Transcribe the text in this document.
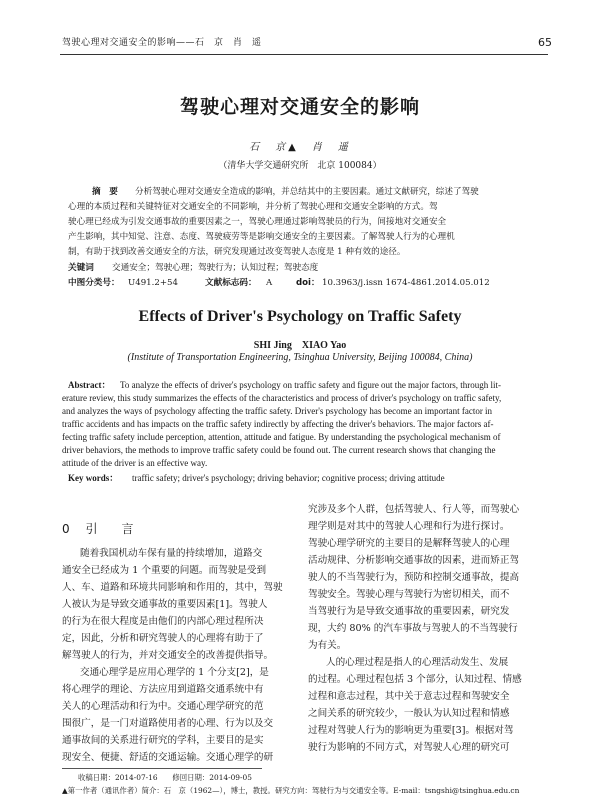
驾驶心理对交通安全的影响——石　京　肖　遥	65
驾驶心理对交通安全的影响
石　京▲　肖　遥
（清华大学交通研究所　北京 100084）
摘　要 分析驾驶心理对交通安全造成的影响，并总结其中的主要因素。通过文献研究，综述了驾驶
心理的本质过程和关键特征对交通安全的不同影响，并分析了驾驶心理和交通安全影响的方式。驾
驶心理已经成为引发交通事故的重要因素之一，驾驶心理通过影响驾驶员的行为，间接地对交通安全
产生影响，其中知觉、注意、态度、驾驶疲劳等是影响交通安全的主要因素。了解驾驶人行为的心理机
制，有助于找到改善交通安全的方法，研究发现通过改变驾驶人态度是 1 种有效的途径。
关键词 交通安全；驾驶心理；驾驶行为；认知过程；驾驶态度
中图分类号： U491.2+54	文献标志码： A	doi： 10.3963/j.issn 1674-4861.2014.05.012
Effects of Driver's Psychology on Traffic Safety
SHI Jing　XIAO Yao
(Institute of Transportation Engineering, Tsinghua University, Beijing 100084, China)
Abstract： To analyze the effects of driver's psychology on traffic safety and figure out the major factors, through lit-
erature review, this study summarizes the effects of the characteristics and process of driver's psychology on traffic safety,
and analyzes the ways of psychology affecting the traffic safety. Driver's psychology has become an important factor in
traffic accidents and has impacts on the traffic safety indirectly by affecting the driver's behaviors. The major factors af-
fecting traffic safety include perception, attention, attitude and fatigue. By understanding the psychological mechanism of
driver behaviors, the methods to improve traffic safety could be found out. The current research shows that changing the
attitude of the driver is an effective way.
Key words： traffic safety; driver's psychology; driving behavior; cognitive process; driving attitude
0 引　言
随着我国机动车保有量的持续增加，道路交
通安全已经成为 1 个重要的问题。而驾驶是受到
人、车、道路和环境共同影响和作用的，其中，驾驶
人被认为是导致交通事故的重要因素[1]。驾驶人
的行为在很大程度是由他们的内部心理过程所决
定，因此，分析和研究驾驶人的心理将有助于了
解驾驶人的行为，并对交通安全的改善提供指导。
交通心理学是应用心理学的 1 个分支[2]，是
将心理学的理论、方法应用到道路交通系统中有
关人的心理活动和行为中。交通心理学研究的范
围很广，是一门对道路使用者的心理、行为以及交
通事故间的关系进行研究的学科，主要目的是实
现安全、便捷、舒适的交通运输。交通心理学的研
究涉及多个人群，包括驾驶人、行人等，而驾驶心
理学则是对其中的驾驶人心理和行为进行探讨。
驾驶心理学研究的主要目的是解释驾驶人的心理
活动规律、分析影响交通事故的因素，进而矫正驾
驶人的不当驾驶行为，预防和控制交通事故，提高
驾驶安全。驾驶心理与驾驶行为密切相关，而不
当驾驶行为是导致交通事故的重要因素，研究发
现，大约 80% 的汽车事故与驾驶人的不当驾驶行
为有关。
人的心理过程是指人的心理活动发生、发展
的过程。心理过程包括 3 个部分，认知过程、情感
过程和意志过程，其中关于意志过程和驾驶安全
之间关系的研究较少，一般认为认知过程和情感
过程对驾驶人行为的影响更为重要[3]。根据对驾
驶行为影响的不同方式，对驾驶人心理的研究可
收稿日期：2014-07-16　　修回日期：2014-09-05
▲第一作者（通讯作者）简介：石　京（1962—），博士，教授。研究方向：驾驶行为与交通安全等。E-mail：tsngshi@tsinghua.edu.cn
